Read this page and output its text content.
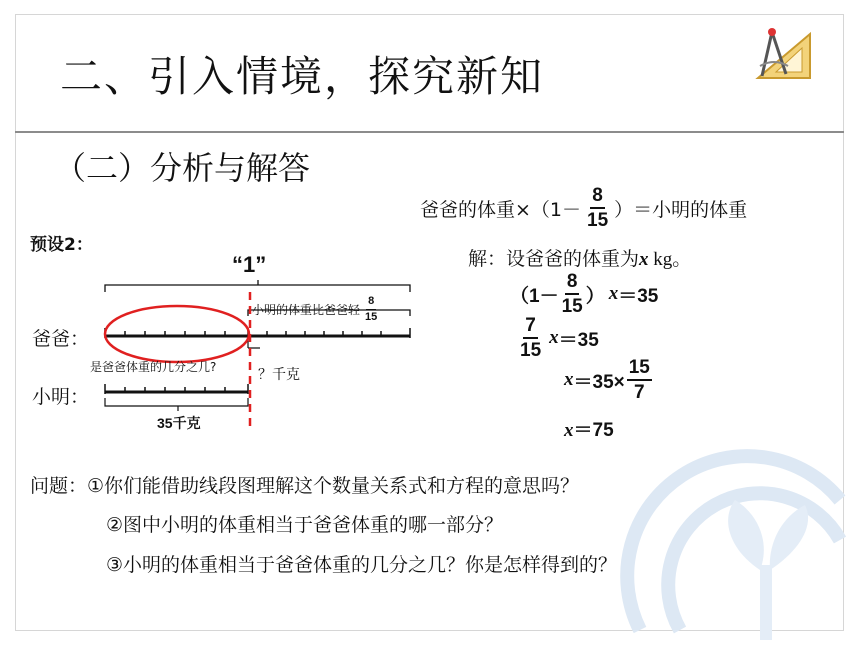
二、引入情境，探究新知
（二）分析与解答
预设2：
爸爸的体重$\times(1- \frac{8}{15}$ ）＝小明的体重
解：设爸爸的体重为x kg。
（$1- \frac{8}{15}$ ） x ＝35
$\frac{7}{15}$ x ＝35
$x =35\times \frac{15}{7}$
x＝75
“1”
小明的体重比爸爸轻 $\frac{8}{15}$
爸爸：
小明：
是爸爸体重的几分之几?	？千克
35千克
问题：①你们能借助线段图理解这个数量关系式和方程的意思吗？
②图中小明的体重相当于爸爸体重的哪一部分？
③小明的体重相当于爸爸体重的几分之几？你是怎样得到的？
